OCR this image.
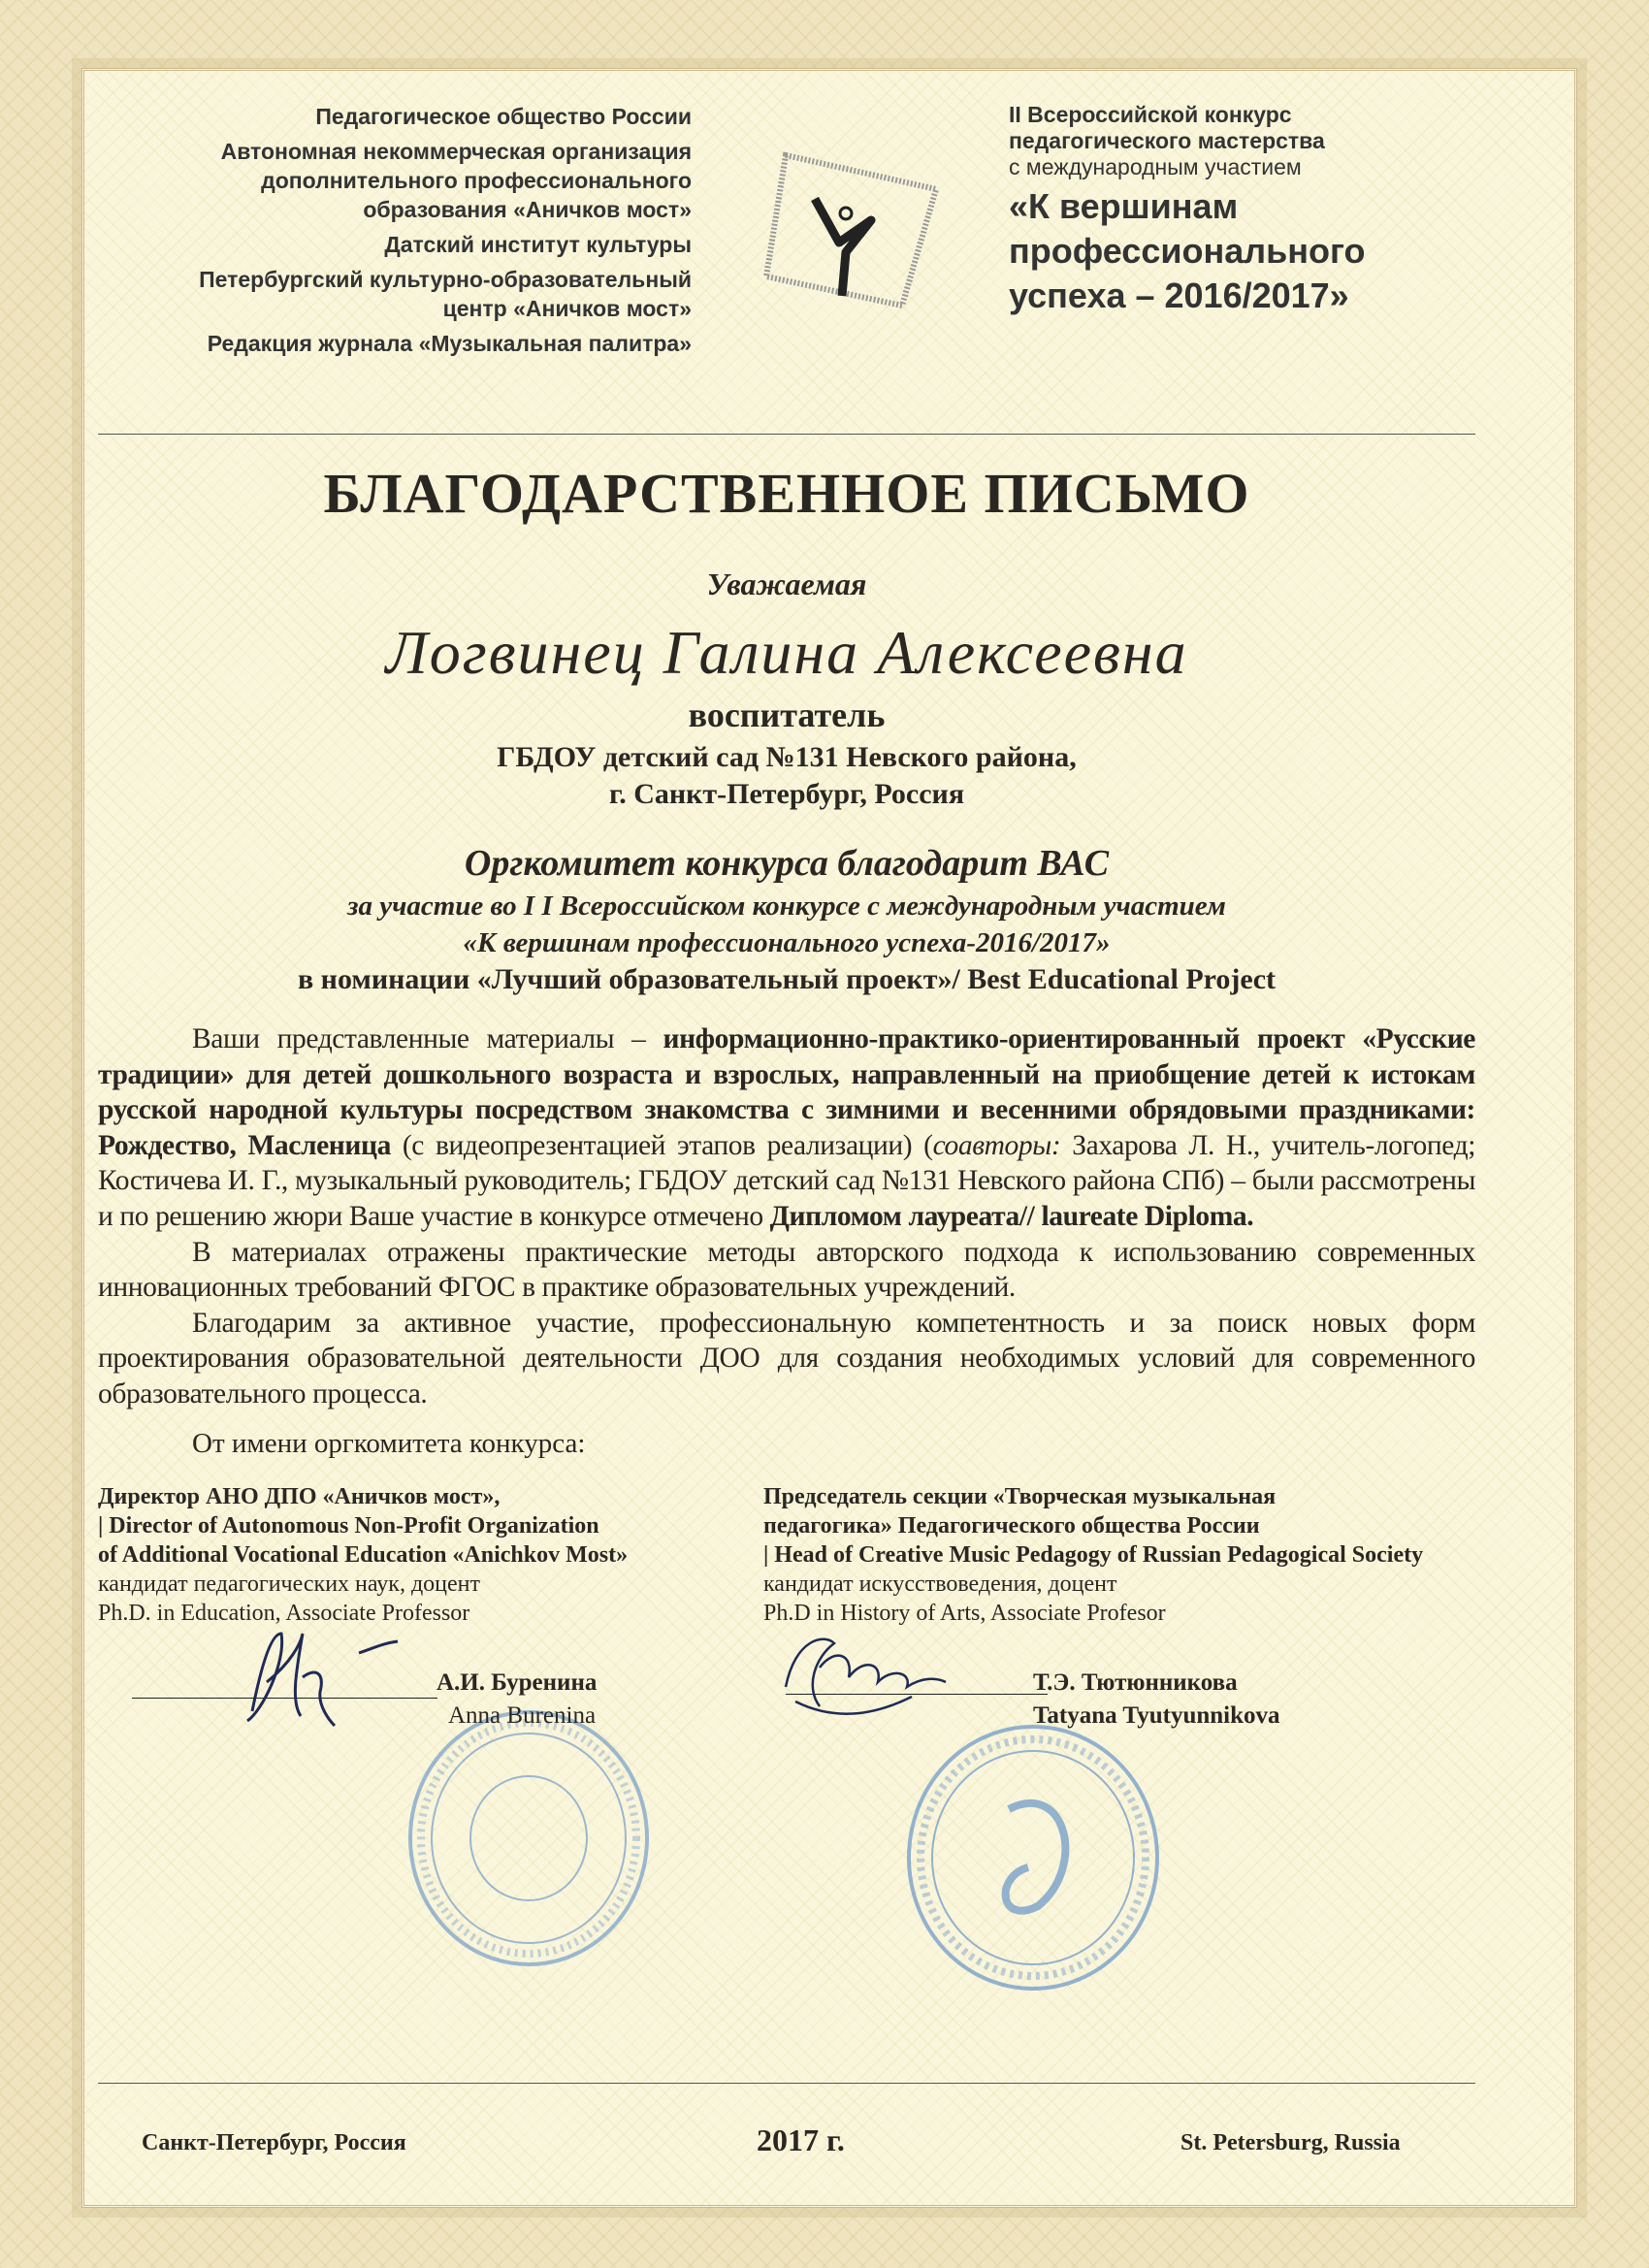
Педагогическое общество России
Автономная некоммерческая организация
дополнительного профессионального
образования «Аничков мост»
Датский институт культуры
Петербургский культурно-образовательный
центр «Аничков мост»
Редакция журнала «Музыкальная палитра»
II Всероссийской конкурс
педагогического мастерства
с международным участием
«К вершинам
профессионального
успеха – 2016/2017»
БЛАГОДАРСТВЕННОЕ ПИСЬМО
Уважаемая
Логвинец Галина Алексеевна
воспитатель
ГБДОУ детский сад №131 Невского района,
г. Санкт-Петербург, Россия
Оргкомитет конкурса благодарит ВАС
за участие во I I Всероссийском конкурсе с международным участием
«К вершинам профессионального успеха-2016/2017»
в номинации «Лучший образовательный проект»/ Best Educational Project

Ваши представленные материалы – информационно-практико-ориентированный проект «Русские традиции» для детей дошкольного возраста и взрослых, направленный на приобщение детей к истокам русской народной культуры посредством знакомства с зимними и весенними обрядовыми праздниками: Рождество, Масленица (с видеопрезентацией этапов реализации) (соавторы: Захарова Л. Н., учитель-логопед; Костичева И. Г., музыкальный руководитель; ГБДОУ детский сад №131 Невского района СПб) – были рассмотрены и по решению жюри Ваше участие в конкурсе отмечено Дипломом лауреата// laureate Diploma.

В материалах отражены практические методы авторского подхода к использованию современных инновационных требований ФГОС в практике образовательных учреждений.

Благодарим за активное участие, профессиональную компетентность и за поиск новых форм проектирования образовательной деятельности ДОО для создания необходимых условий для современного образовательного процесса.

От имени оргкомитета конкурса:
Директор АНО ДПО «Аничков мост»,
| Director of Autonomous Non-Profit Organization
of Additional Vocational Education «Anichkov Most»
кандидат педагогических наук, доцент
Ph.D. in Education, Associate Professor
Председатель секции «Творческая музыкальная
педагогика» Педагогического общества России
| Head of Creative Music Pedagogy of Russian Pedagogical Society
кандидат искусствоведения, доцент
Ph.D in History of Arts, Associate Profesor
А.И. Буренина
Anna Burenina
Т.Э. Тютюнникова
Tatyana Tyutyunnikova
Санкт-Петербург, Россия	2017 г.	St. Petersburg, Russia
